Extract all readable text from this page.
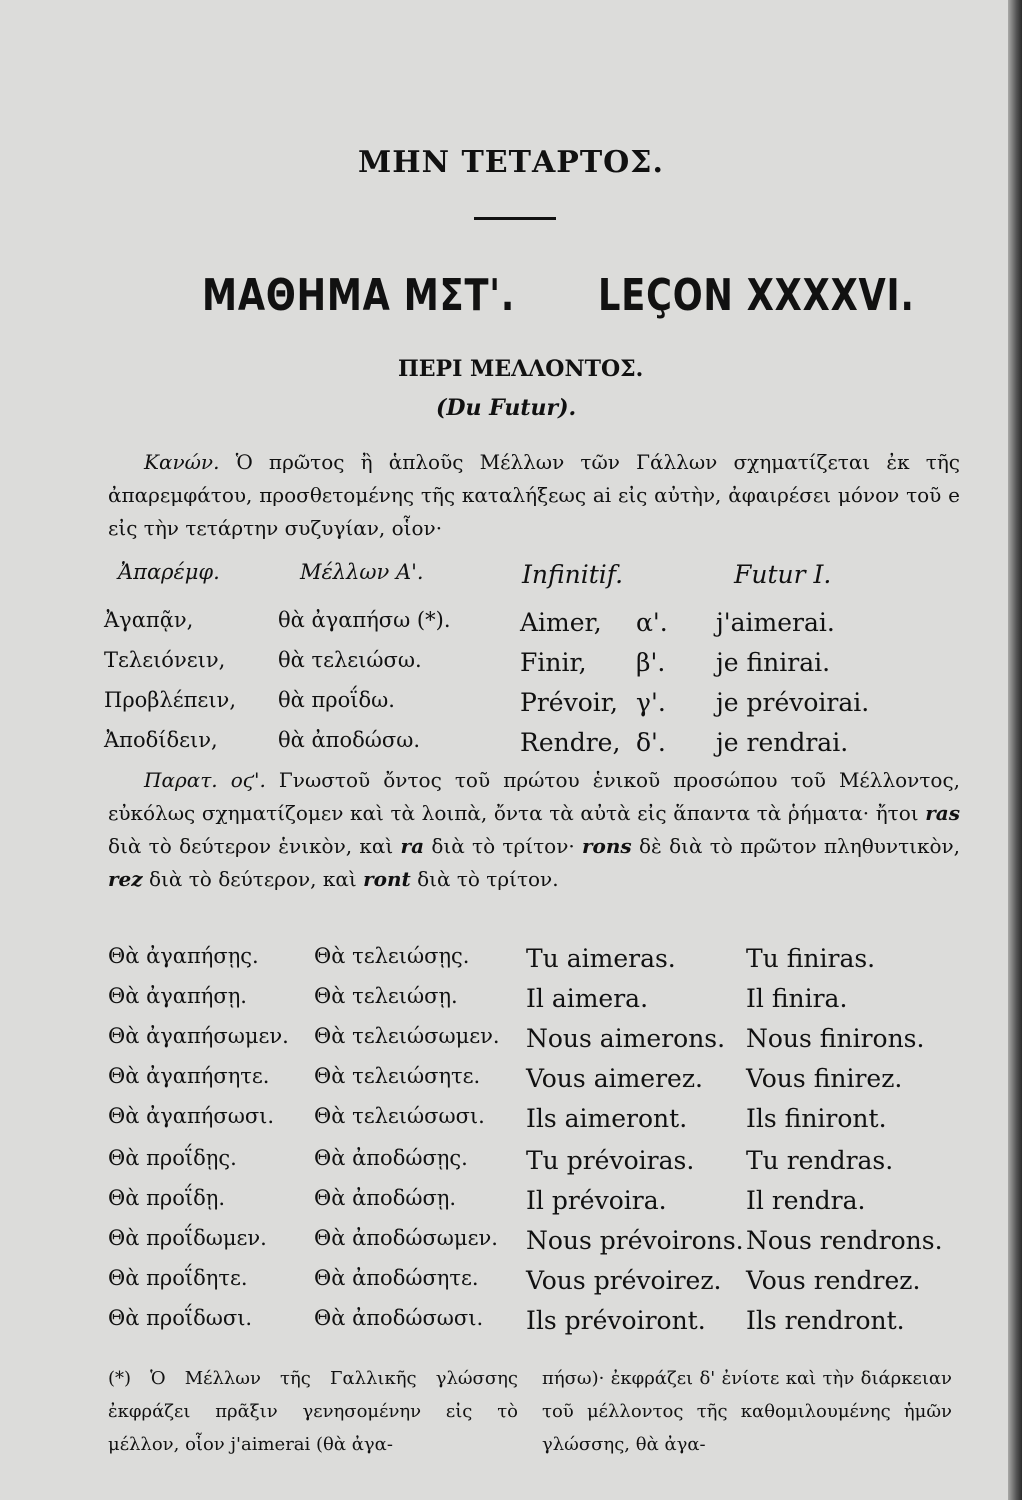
ΜΗΝ ΤΕΤΑΡΤΟΣ.
ΜΑΘΗΜΑ ΜΣΤ'. LEÇON XXXXVI.
ΠΕΡΙ ΜΕΛΛΟΝΤΟΣ.
(Du Futur).

Κανών. Ὁ πρῶτος ἢ ἁπλοῦς Μέλλων τῶν Γάλλων σχηματίζεται ἐκ τῆς ἀπαρεμφάτου, προσθετομένης τῆς καταλήξεως ai εἰς αὐτὴν, ἀφαιρέσει μόνον τοῦ e εἰς τὴν τετάρτην συζυγίαν, οἷον·

Ἀπαρέμφ.	Μέλλων Α'.	Infinitif.	Futur I.
Ἀγαπᾷν,	θὰ ἀγαπήσω (*).	Aimer, α'. j'aimerai.
Τελειόνειν,	θὰ τελειώσω.	Finir, β'. je finirai.
Προβλέπειν, θὰ προΐδω.	Prévoir, γ'. je prévoirai.
Ἀποδίδειν,	θὰ ἀποδώσω.	Rendre, δ'. je rendrai.

Παρατ. οϛ'. Γνωστοῦ ὄντος τοῦ πρώτου ἑνικοῦ προσώπου τοῦ Μέλλοντος, εὐκόλως σχηματίζομεν καὶ τὰ λοιπὰ, ὄντα τὰ αὐτὰ εἰς ἅπαντα τὰ ῥήματα· ἤτοι ras διὰ τὸ δεύτερον ἑνικὸν, καὶ ra διὰ τὸ τρίτον· rons δὲ διὰ τὸ πρῶτον πληθυντικὸν, rez διὰ τὸ δεύτερον, καὶ ront διὰ τὸ τρίτον.

Θὰ ἀγαπήσῃς.	Θὰ τελειώσῃς. Tu aimeras.	Tu finiras.
Θὰ ἀγαπήσῃ.	Θὰ τελειώσῃ.	Il aimera.	Il finira.
Θὰ ἀγαπήσωμεν. Θὰ τελειώσωμεν. Nous aimerons. Nous finirons.
Θὰ ἀγαπήσητε. Θὰ τελειώσητε. Vous aimerez. Vous finirez.
Θὰ ἀγαπήσωσι. Θὰ τελειώσωσι. Ils aimeront. Ils finiront.
Θὰ προΐδῃς.	Θὰ ἀποδώσῃς. Tu prévoiras. Tu rendras.
Θὰ προΐδῃ.	Θὰ ἀποδώσῃ.	Il prévoira.	Il rendra.
Θὰ προΐδωμεν. Θὰ ἀποδώσωμεν. Nous prévoirons. Nous rendrons.
Θὰ προΐδητε.	Θὰ ἀποδώσητε. Vous prévoirez. Vous rendrez.
Θὰ προΐδωσι.	Θὰ ἀποδώσωσι. Ils prévoiront. Ils rendront.

(*) Ὁ Μέλλων τῆς Γαλλικῆς γλώσσης ἐκφράζει πρᾶξιν γενησομένην εἰς τὸ μέλλον, οἷον j'aimerai (θὰ ἀγα-

πήσω)· ἐκφράζει δ' ἐνίοτε καὶ τὴν διάρκειαν τοῦ μέλλοντος τῆς καθομιλουμένης ἡμῶν γλώσσης, θὰ ἀγα-
